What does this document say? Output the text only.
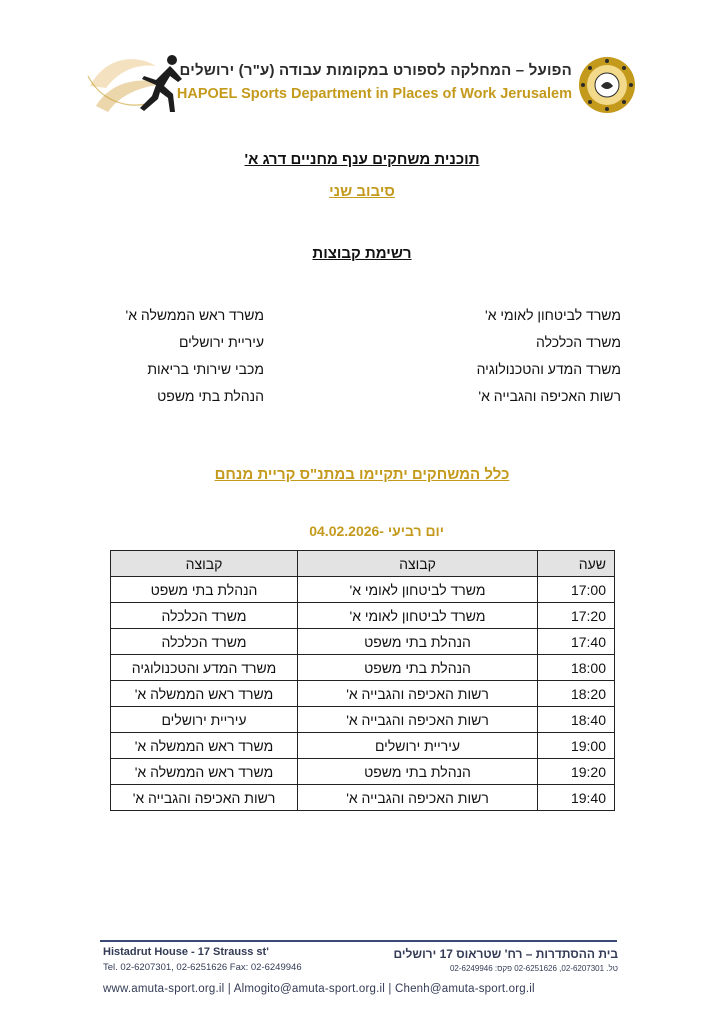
הפועל – המחלקה לספורט במקומות עבודה (ע"ר) ירושלים
HAPOEL Sports Department in Places of Work Jerusalem
תוכנית משחקים ענף מחניים דרג א'
סיבוב שני
רשימת קבוצות
משרד לביטחון לאומי א'
משרד הכלכלה
משרד המדע והטכנולוגיה
רשות האכיפה והגבייה א'
משרד ראש הממשלה א'
עיריית ירושלים
מכבי שירותי בריאות
הנהלת בתי משפט
כלל המשחקים יתקיימו במתנ"ס קריית מנחם
04.02.2026- יום רביעי
שעה	קבוצה	קבוצה
17:00	משרד לביטחון לאומי א'	הנהלת בתי משפט
17:20	משרד לביטחון לאומי א'	משרד הכלכלה
17:40	הנהלת בתי משפט	משרד הכלכלה
18:00	הנהלת בתי משפט	משרד המדע והטכנולוגיה
18:20	רשות האכיפה והגבייה א'	משרד ראש הממשלה א'
18:40	רשות האכיפה והגבייה א'	עיריית ירושלים
19:00	עיריית ירושלים	משרד ראש הממשלה א'
19:20	הנהלת בתי משפט	משרד ראש הממשלה א'
19:40	רשות האכיפה והגבייה א'	רשות האכיפה והגבייה א'
Histadrut House - 17 Strauss st'
Tel. 02-6207301, 02-6251626 Fax: 02-6249946
בית ההסתדרות – רח' שטראוס 17 ירושלים
טל. 02-6207301, 02-6251626 פקס: 02-6249946
www.amuta-sport.org.il | Almogito@amuta-sport.org.il | Chenh@amuta-sport.org.il
